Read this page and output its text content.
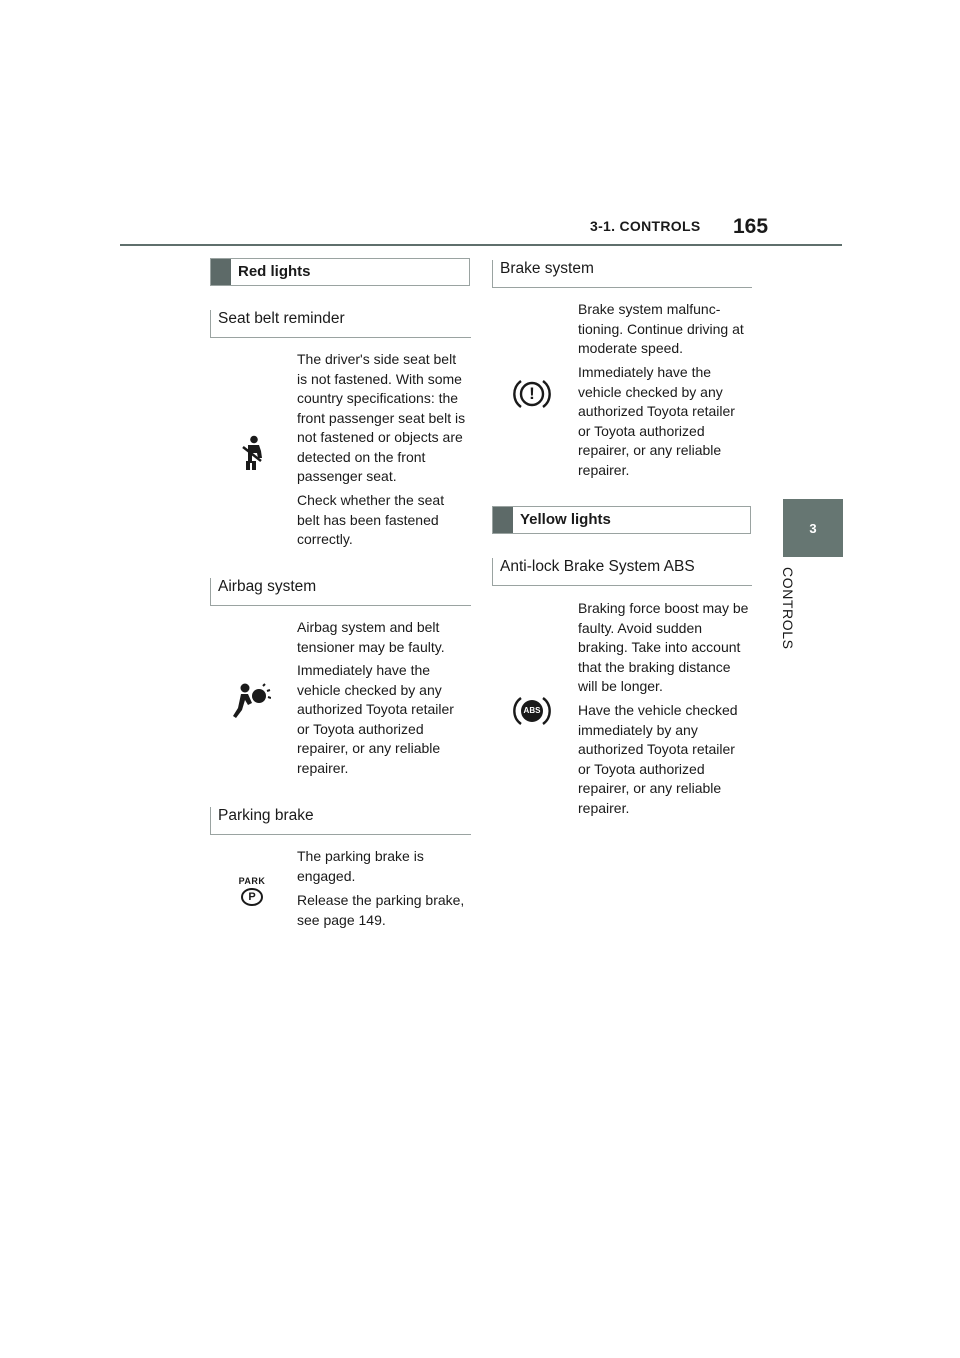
3-1. CONTROLS 165
3
CONTROLS
Red lights
Seat belt reminder
The driver's side seat belt is not fastened. With some country specifications: the front passenger seat belt is not fastened or objects are detected on the front passenger seat.
Check whether the seat belt has been fastened correctly.
Airbag system
Airbag system and belt tensioner may be faulty.
Immediately have the vehicle checked by any authorized Toyota retailer or Toyota authorized repairer, or any reliable repairer.
Parking brake
PARK
P
The parking brake is engaged.
Release the parking brake, see page 149.
Brake system
!
Brake system malfunc-tioning. Continue driving at moderate speed.
Immediately have the vehicle checked by any authorized Toyota retailer or Toyota authorized repairer, or any reliable repairer.
Yellow lights
Anti-lock Brake System ABS
ABS
Braking force boost may be faulty. Avoid sudden braking. Take into account that the braking distance will be longer.
Have the vehicle checked immediately by any authorized Toyota retailer or Toyota authorized repairer, or any reliable repairer.
